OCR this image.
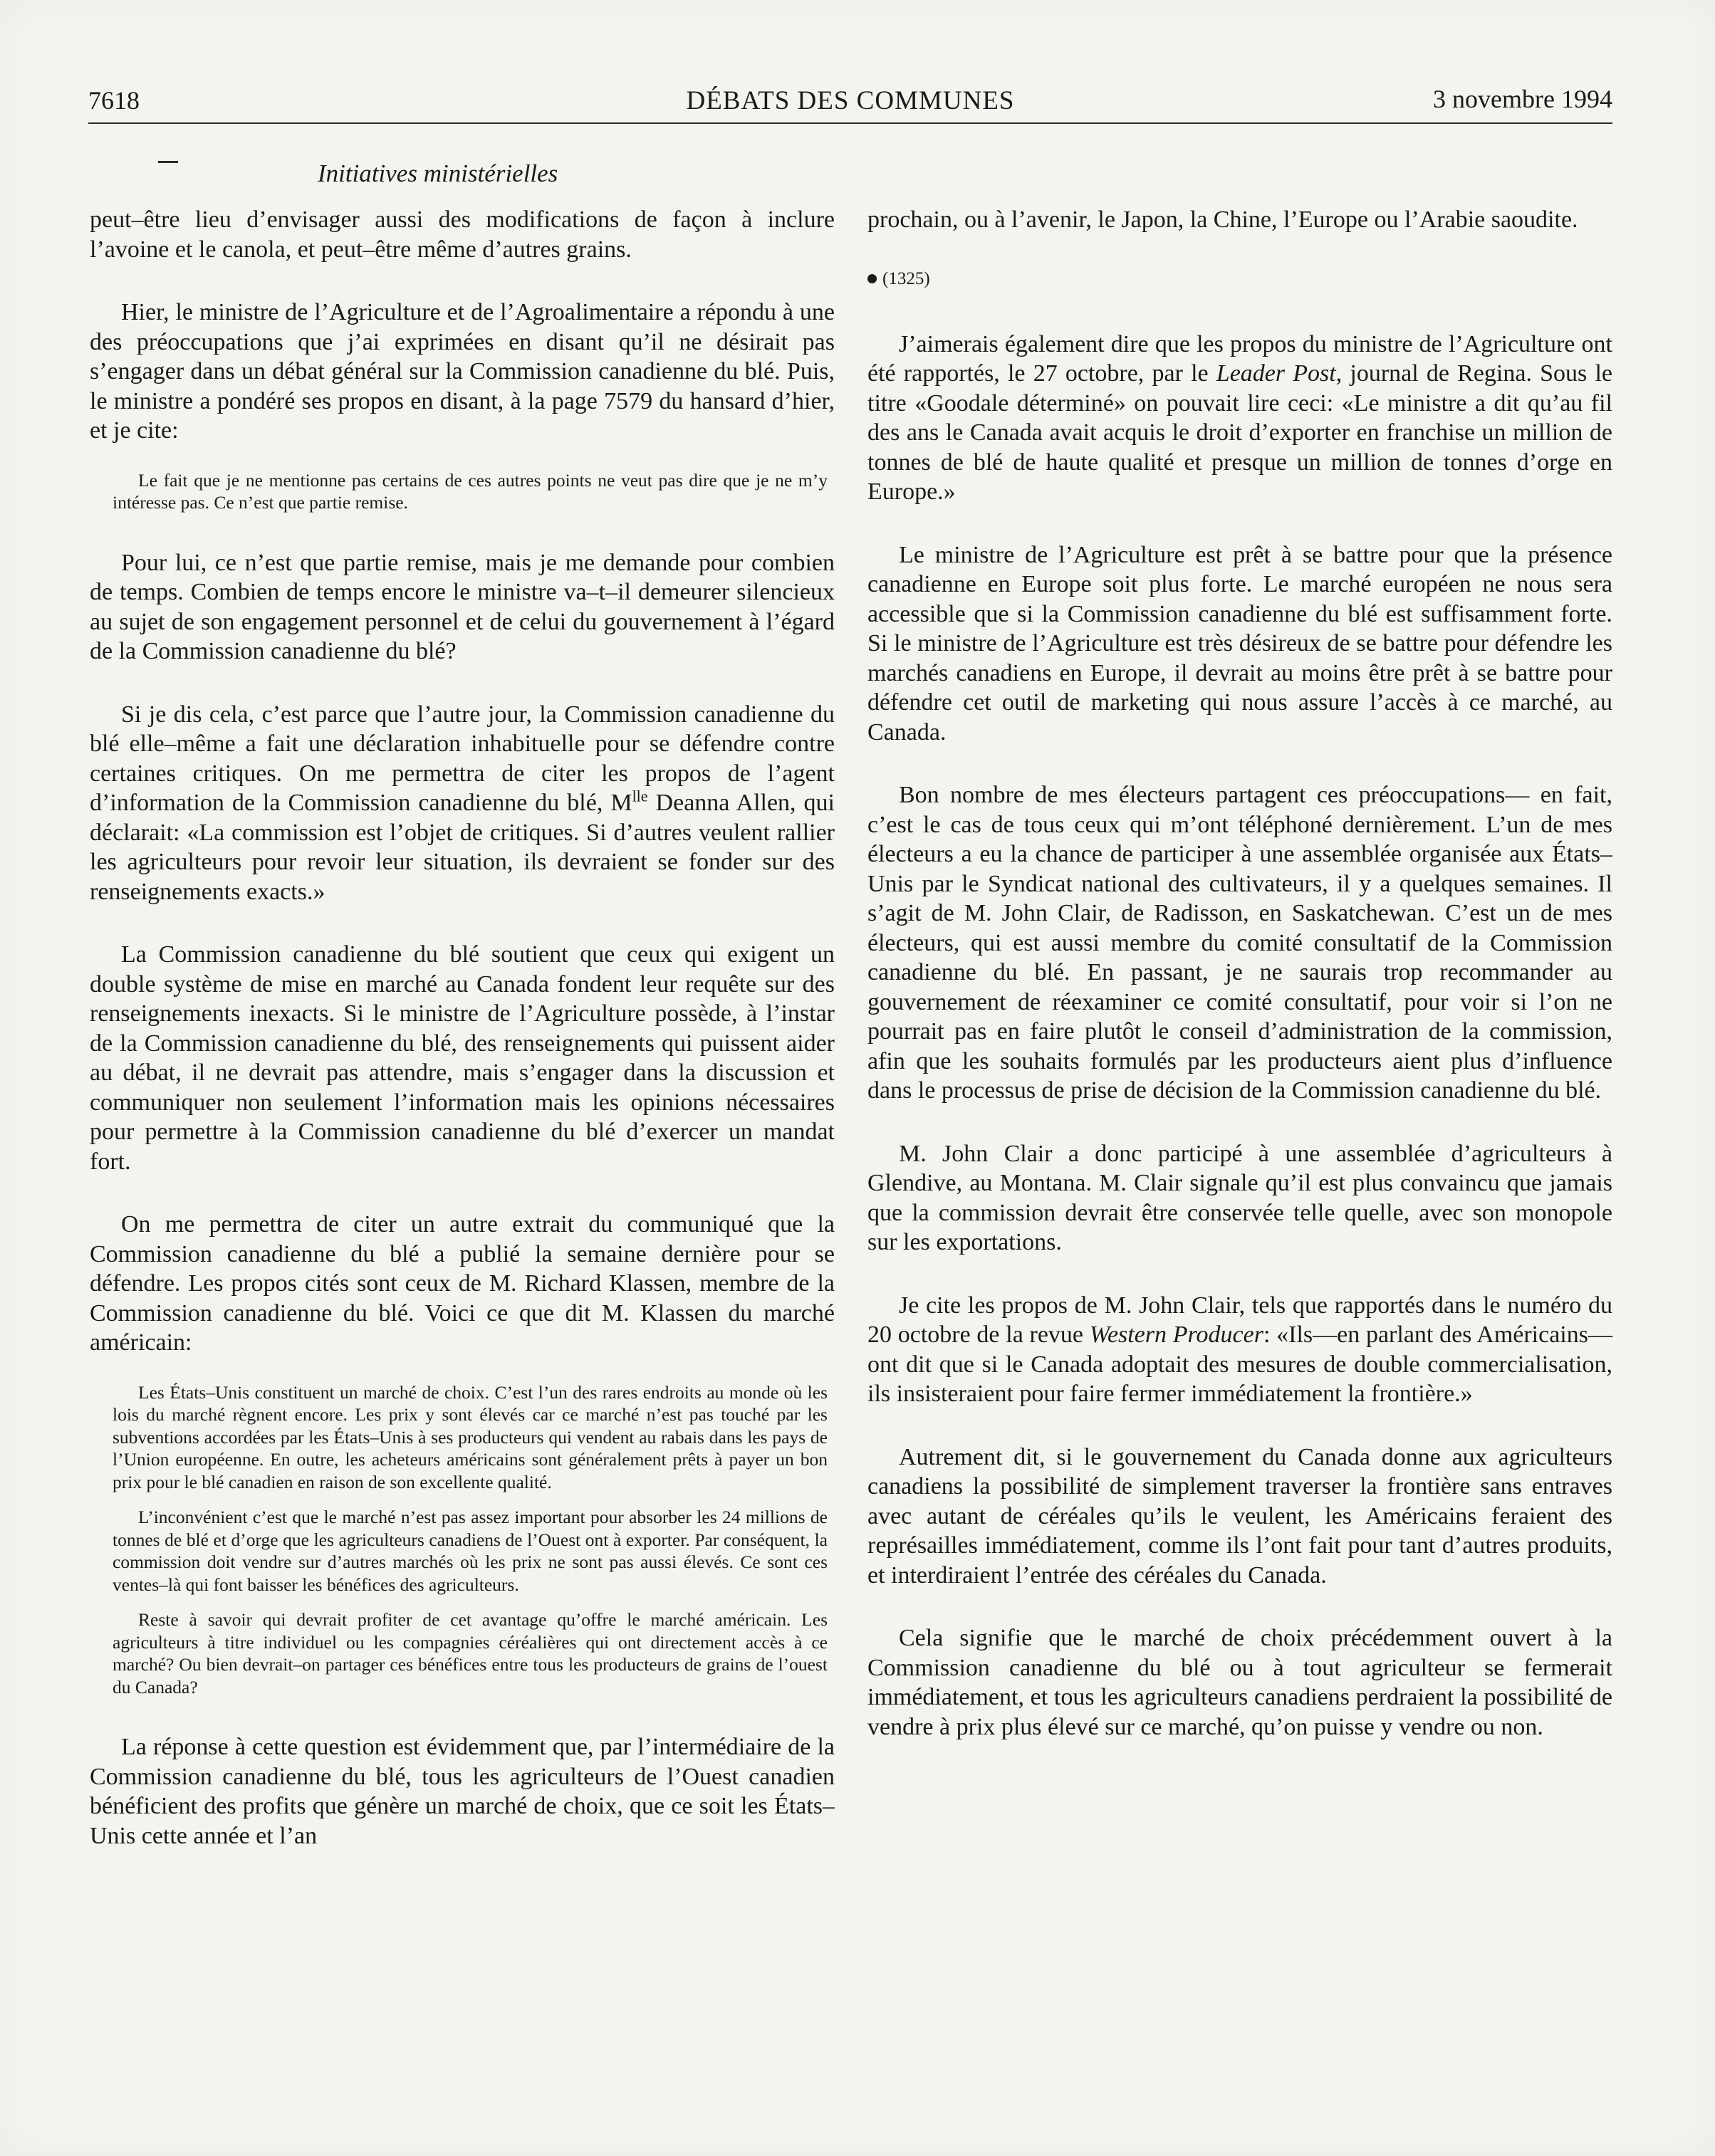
7618	DÉBATS DES COMMUNES	3 novembre 1994
Initiatives ministérielles

peut–être lieu d’envisager aussi des modifications de façon à inclure l’avoine et le canola, et peut–être même d’autres grains.

Hier, le ministre de l’Agriculture et de l’Agroalimentaire a répondu à une des préoccupations que j’ai exprimées en disant qu’il ne désirait pas s’engager dans un débat général sur la Commission canadienne du blé. Puis, le ministre a pondéré ses propos en disant, à la page 7579 du hansard d’hier, et je cite:

Le fait que je ne mentionne pas certains de ces autres points ne veut pas dire que je ne m’y intéresse pas. Ce n’est que partie remise.

Pour lui, ce n’est que partie remise, mais je me demande pour combien de temps. Combien de temps encore le ministre va–t–il demeurer silencieux au sujet de son engagement personnel et de celui du gouvernement à l’égard de la Commission canadienne du blé?

Si je dis cela, c’est parce que l’autre jour, la Commission canadienne du blé elle–même a fait une déclaration inhabituelle pour se défendre contre certaines critiques. On me permettra de citer les propos de l’agent d’information de la Commission canadienne du blé, $M^{lle}$ Deanna Allen, qui déclarait: «La commission est l’objet de critiques. Si d’autres veulent rallier les agriculteurs pour revoir leur situation, ils devraient se fonder sur des renseignements exacts.»

La Commission canadienne du blé soutient que ceux qui exigent un double système de mise en marché au Canada fondent leur requête sur des renseignements inexacts. Si le ministre de l’Agriculture possède, à l’instar de la Commission canadienne du blé, des renseignements qui puissent aider au débat, il ne devrait pas attendre, mais s’engager dans la discussion et communiquer non seulement l’information mais les opinions nécessaires pour permettre à la Commission canadienne du blé d’exercer un mandat fort.

On me permettra de citer un autre extrait du communiqué que la Commission canadienne du blé a publié la semaine dernière pour se défendre. Les propos cités sont ceux de M. Richard Klassen, membre de la Commission canadienne du blé. Voici ce que dit M. Klassen du marché américain:

Les États–Unis constituent un marché de choix. C’est l’un des rares endroits au monde où les lois du marché règnent encore. Les prix y sont élevés car ce marché n’est pas touché par les subventions accordées par les États–Unis à ses producteurs qui vendent au rabais dans les pays de l’Union européenne. En outre, les acheteurs américains sont généralement prêts à payer un bon prix pour le blé canadien en raison de son excellente qualité.

L’inconvénient c’est que le marché n’est pas assez important pour absorber les 24 millions de tonnes de blé et d’orge que les agriculteurs canadiens de l’Ouest ont à exporter. Par conséquent, la commission doit vendre sur d’autres marchés où les prix ne sont pas aussi élevés. Ce sont ces ventes–là qui font baisser les bénéfices des agriculteurs.

Reste à savoir qui devrait profiter de cet avantage qu’offre le marché américain. Les agriculteurs à titre individuel ou les compagnies céréalières qui ont directement accès à ce marché? Ou bien devrait–on partager ces bénéfices entre tous les producteurs de grains de l’ouest du Canada?

La réponse à cette question est évidemment que, par l’intermédiaire de la Commission canadienne du blé, tous les agriculteurs de l’Ouest canadien bénéficient des profits que génère un marché de choix, que ce soit les États–Unis cette année et l’an

prochain, ou à l’avenir, le Japon, la Chine, l’Europe ou l’Arabie saoudite.

(1325)

J’aimerais également dire que les propos du ministre de l’Agriculture ont été rapportés, le 27 octobre, par le Leader Post, journal de Regina. Sous le titre «Goodale déterminé» on pouvait lire ceci: «Le ministre a dit qu’au fil des ans le Canada avait acquis le droit d’exporter en franchise un million de tonnes de blé de haute qualité et presque un million de tonnes d’orge en Europe.»

Le ministre de l’Agriculture est prêt à se battre pour que la présence canadienne en Europe soit plus forte. Le marché européen ne nous sera accessible que si la Commission canadienne du blé est suffisamment forte. Si le ministre de l’Agriculture est très désireux de se battre pour défendre les marchés canadiens en Europe, il devrait au moins être prêt à se battre pour défendre cet outil de marketing qui nous assure l’accès à ce marché, au Canada.

Bon nombre de mes électeurs partagent ces préoccupations— en fait, c’est le cas de tous ceux qui m’ont téléphoné dernièrement. L’un de mes électeurs a eu la chance de participer à une assemblée organisée aux États–Unis par le Syndicat national des cultivateurs, il y a quelques semaines. Il s’agit de M. John Clair, de Radisson, en Saskatchewan. C’est un de mes électeurs, qui est aussi membre du comité consultatif de la Commission canadienne du blé. En passant, je ne saurais trop recommander au gouvernement de réexaminer ce comité consultatif, pour voir si l’on ne pourrait pas en faire plutôt le conseil d’administration de la commission, afin que les souhaits formulés par les producteurs aient plus d’influence dans le processus de prise de décision de la Commission canadienne du blé.

M. John Clair a donc participé à une assemblée d’agriculteurs à Glendive, au Montana. M. Clair signale qu’il est plus convaincu que jamais que la commission devrait être conservée telle quelle, avec son monopole sur les exportations.

Je cite les propos de M. John Clair, tels que rapportés dans le numéro du 20 octobre de la revue Western Producer: «Ils—en parlant des Américains—ont dit que si le Canada adoptait des mesures de double commercialisation, ils insisteraient pour faire fermer immédiatement la frontière.»

Autrement dit, si le gouvernement du Canada donne aux agriculteurs canadiens la possibilité de simplement traverser la frontière sans entraves avec autant de céréales qu’ils le veulent, les Américains feraient des représailles immédiatement, comme ils l’ont fait pour tant d’autres produits, et interdiraient l’entrée des céréales du Canada.

Cela signifie que le marché de choix précédemment ouvert à la Commission canadienne du blé ou à tout agriculteur se fermerait immédiatement, et tous les agriculteurs canadiens perdraient la possibilité de vendre à prix plus élevé sur ce marché, qu’on puisse y vendre ou non.
